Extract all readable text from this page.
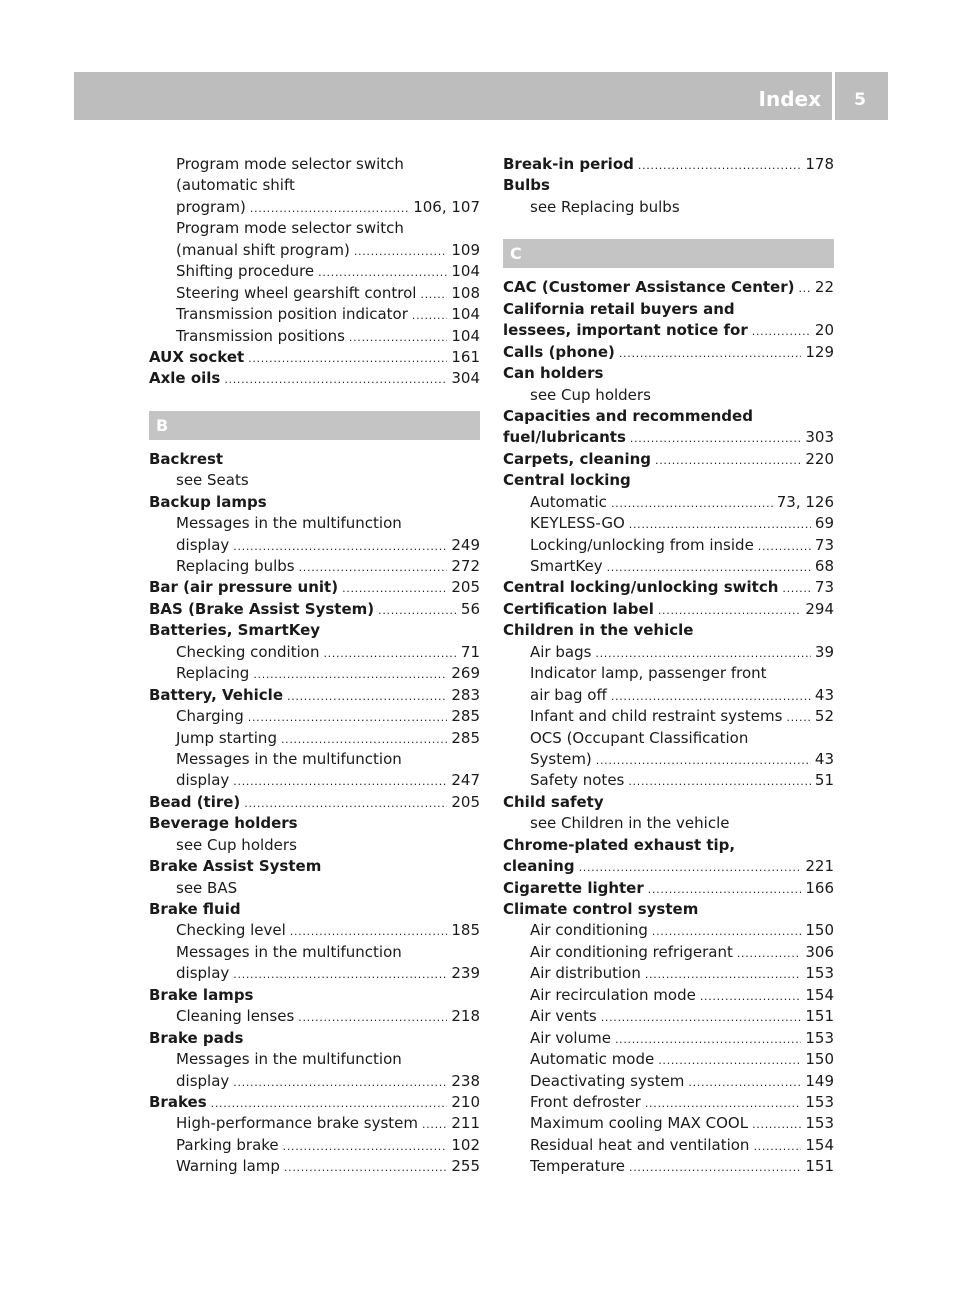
Index 5
Program mode selector switch
(automatic shift
program) . . .	106, 107
Program mode selector switch
(manual shift program) . . .	109
Shifting procedure . . .	104
Steering wheel gearshift control . . . 108
Transmission position indicator . . .	104
Transmission positions . . .	104
AUX socket . . .	161
Axle oils . . .	304
B
Backrest
see Seats
Backup lamps
Messages in the multifunction
display . . .	249
Replacing bulbs . . .	272
Bar (air pressure unit) . . .	205
BAS (Brake Assist System) . . .	56
Batteries, SmartKey
Checking condition . . .	71
Replacing . . .	269
Battery, Vehicle . . .	283
Charging . . .	285
Jump starting . . .	285
Messages in the multifunction
display . . .	247
Bead (tire) . . .	205
Beverage holders
see Cup holders
Brake Assist System
see BAS
Brake fluid
Checking level . . .	185
Messages in the multifunction
display . . .	239
Brake lamps
Cleaning lenses . . .	218
Brake pads
Messages in the multifunction
display . . .	238
Brakes . . .	210
High-performance brake system . . . 211
Parking brake . . .	102
Warning lamp . . .	255
Break-in period . . .	178
Bulbs
see Replacing bulbs
C
CAC (Customer Assistance Center) . . . 22
California retail buyers and
lessees, important notice for . . .	20
Calls (phone) . . .	129
Can holders
see Cup holders
Capacities and recommended
fuel/lubricants . . .	303
Carpets, cleaning . . .	220
Central locking
Automatic . . .	73, 126
KEYLESS-GO . . .	69
Locking/unlocking from inside . . .	73
SmartKey . . .	68
Central locking/unlocking switch . . . 73
Certification label . . .	294
Children in the vehicle
Air bags . . .	39
Indicator lamp, passenger front
air bag off . . .	43
Infant and child restraint systems . . . 52
OCS (Occupant Classification
System) . . .	43
Safety notes . . .	51
Child safety
see Children in the vehicle
Chrome-plated exhaust tip,
cleaning . . .	221
Cigarette lighter . . .	166
Climate control system
Air conditioning . . .	150
Air conditioning refrigerant . . .	306
Air distribution . . .	153
Air recirculation mode . . .	154
Air vents . . .	151
Air volume . . .	153
Automatic mode . . .	150
Deactivating system . . .	149
Front defroster . . .	153
Maximum cooling MAX COOL . . .	153
Residual heat and ventilation . . .	154
Temperature . . .	151
